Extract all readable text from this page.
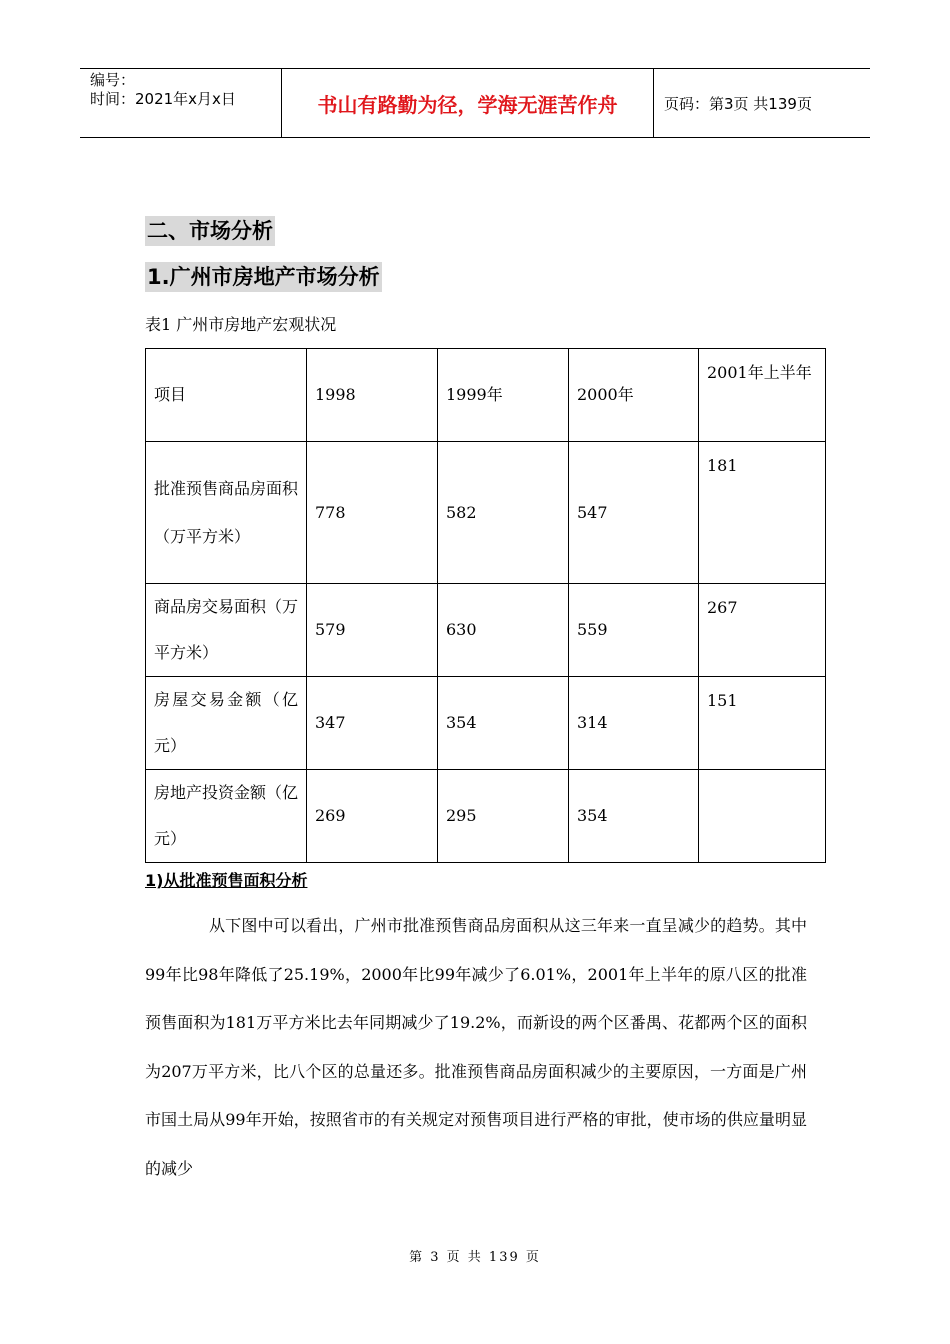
编号：
时间：2021年x月x日	书山有路勤为径，学海无涯苦作舟	页码：第3页 共139页
二、市场分析
1.广州市房地产市场分析
表1 广州市房地产宏观状况
项目	1998	1999年	2000年	2001年上半年
批准预售商品房面积（万平方米）	778	582	547	181
商品房交易面积（万平方米）	579	630	559	267
房屋交易金额（亿元）	347	354	314	151
房地产投资金额（亿元）	269	295	354	
1)从批准预售面积分析
从下图中可以看出，广州市批准预售商品房面积从这三年来一直呈减少的趋势。其中99年比98年降低了25.19%，2000年比99年减少了6.01%，2001年上半年的原八区的批准预售面积为181万平方米比去年同期减少了19.2%，而新设的两个区番禺、花都两个区的面积为207万平方米，比八个区的总量还多。批准预售商品房面积减少的主要原因，一方面是广州市国土局从99年开始，按照省市的有关规定对预售项目进行严格的审批，使市场的供应量明显的减少
第 3 页 共 139 页
